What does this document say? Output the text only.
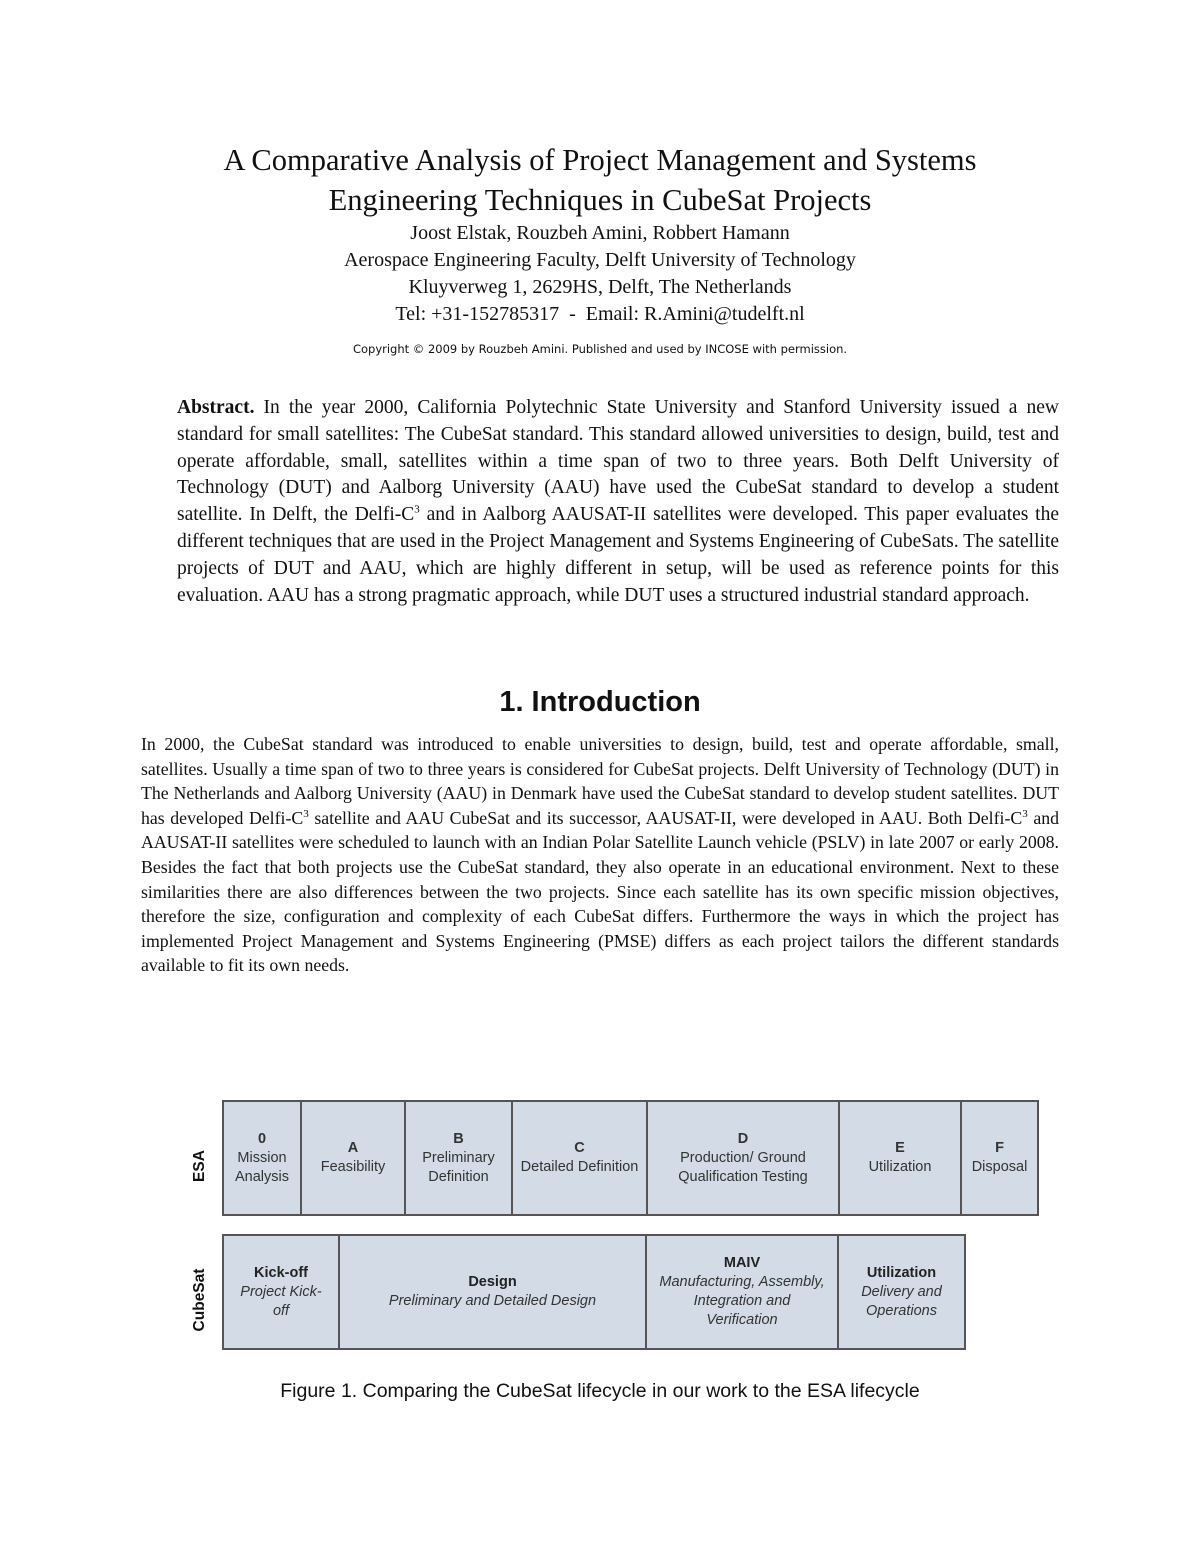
A Comparative Analysis of Project Management and Systems
Engineering Techniques in CubeSat Projects
Joost Elstak, Rouzbeh Amini, Robbert Hamann
Aerospace Engineering Faculty, Delft University of Technology
Kluyverweg 1, 2629HS, Delft, The Netherlands
Tel: +31-152785317  -  Email: R.Amini@tudelft.nl
Copyright © 2009 by Rouzbeh Amini. Published and used by INCOSE with permission.
Abstract. In the year 2000, California Polytechnic State University and Stanford University issued a new standard for small satellites: The CubeSat standard. This standard allowed universities to design, build, test and operate affordable, small, satellites within a time span of two to three years. Both Delft University of Technology (DUT) and Aalborg University (AAU) have used the CubeSat standard to develop a student satellite. In Delft, the Delfi-$C^3$ and in Aalborg AAUSAT-II satellites were developed. This paper evaluates the different techniques that are used in the Project Management and Systems Engineering of CubeSats. The satellite projects of DUT and AAU, which are highly different in setup, will be used as reference points for this evaluation. AAU has a strong pragmatic approach, while DUT uses a structured industrial standard approach.
1. Introduction
In 2000, the CubeSat standard was introduced to enable universities to design, build, test and operate affordable, small, satellites. Usually a time span of two to three years is considered for CubeSat projects. Delft University of Technology (DUT) in The Netherlands and Aalborg University (AAU) in Denmark have used the CubeSat standard to develop student satellites. DUT has developed Delfi-$C^3$ satellite and AAU CubeSat and its successor, AAUSAT-II, were developed in AAU. Both Delfi-$C^3$ and AAUSAT-II satellites were scheduled to launch with an Indian Polar Satellite Launch vehicle (PSLV) in late 2007 or early 2008. Besides the fact that both projects use the CubeSat standard, they also operate in an educational environment. Next to these similarities there are also differences between the two projects. Since each satellite has its own specific mission objectives, therefore the size, configuration and complexity of each CubeSat differs. Furthermore the ways in which the project has implemented Project Management and Systems Engineering (PMSE) differs as each project tailors the different standards available to fit its own needs.
ESA
0
Mission Analysis
A
Feasibility
B
Preliminary Definition
C
Detailed Definition
D
Production/ Ground Qualification Testing
E
Utilization
F
Disposal
CubeSat	Kick-off
Project Kick-off
Design
Preliminary and Detailed Design
MAIV
Manufacturing, Assembly, Integration and Verification
Utilization
Delivery and Operations
Figure 1. Comparing the CubeSat lifecycle in our work to the ESA lifecycle
